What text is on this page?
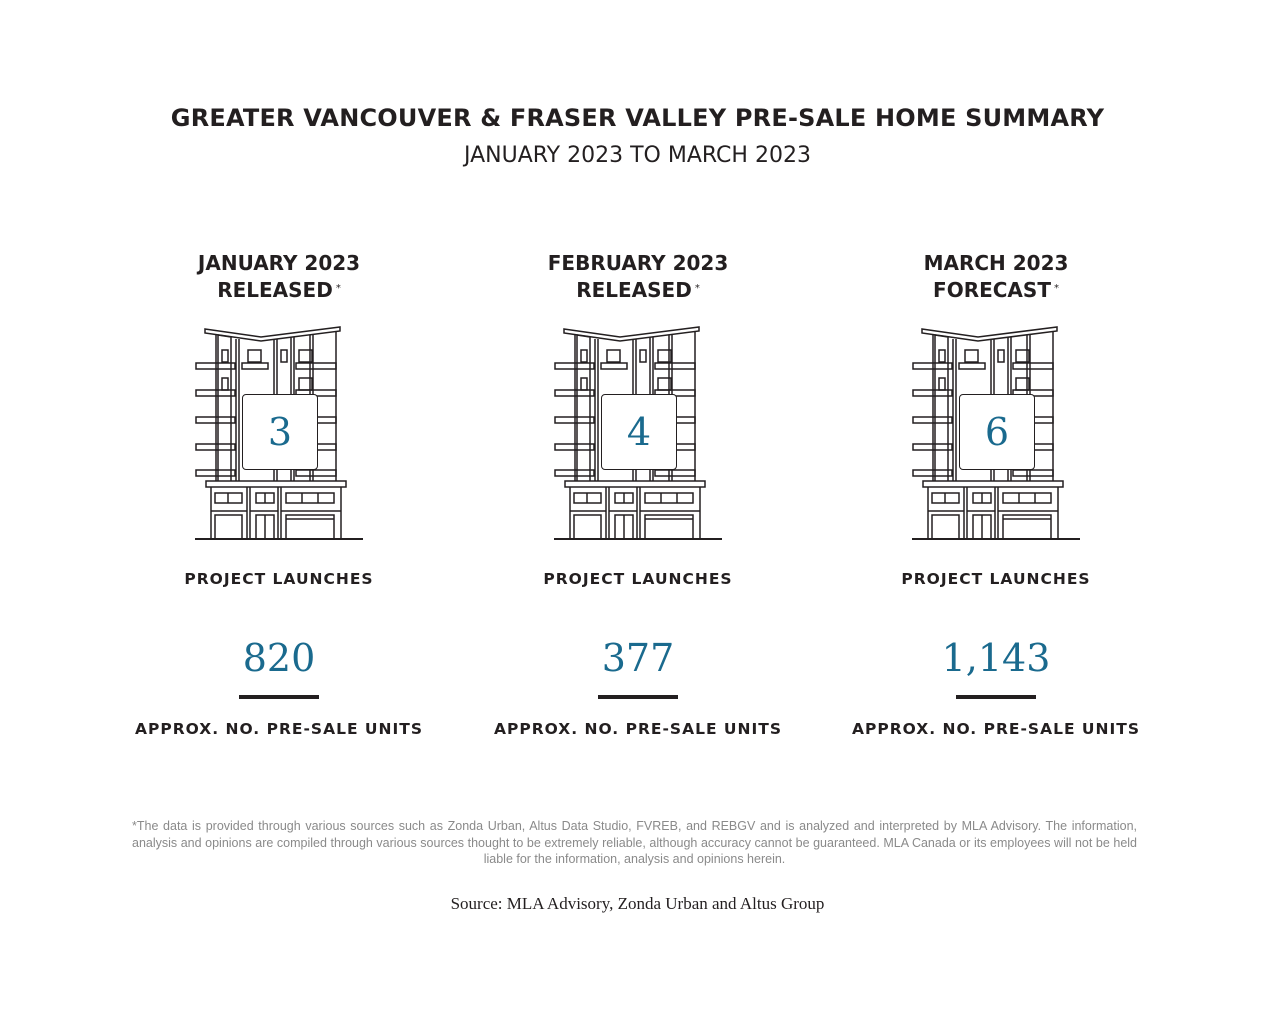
GREATER VANCOUVER & FRASER VALLEY PRE-SALE HOME SUMMARY
JANUARY 2023 TO MARCH 2023
JANUARY 2023
RELEASED *
3
PROJECT LAUNCHES
820
APPROX. NO. PRE-SALE UNITS
FEBRUARY 2023
RELEASED *
4
PROJECT LAUNCHES
377
APPROX. NO. PRE-SALE UNITS
MARCH 2023
FORECAST *
6
PROJECT LAUNCHES
1,143
APPROX. NO. PRE-SALE UNITS
*The data is provided through various sources such as Zonda Urban, Altus Data Studio, FVREB, and REBGV and is analyzed and interpreted by MLA Advisory. The information, analysis and opinions are compiled through various sources thought to be extremely reliable, although accuracy cannot be guaranteed. MLA Canada or its employees will not be held liable for the information, analysis and opinions herein.
Source: MLA Advisory, Zonda Urban and Altus Group
